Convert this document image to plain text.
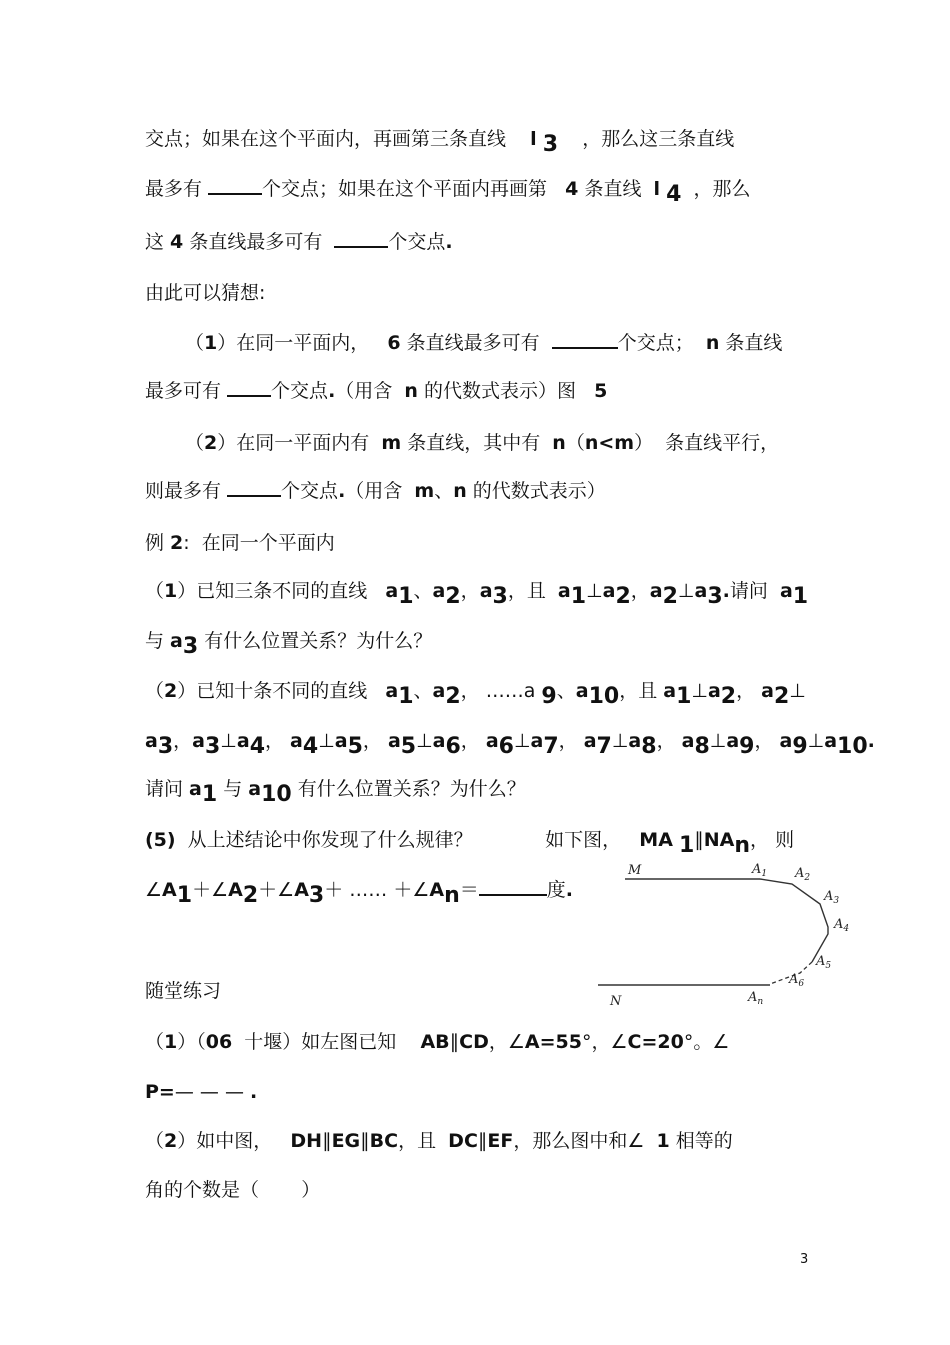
交点；如果在这个平面内，再画第三条直线    l 3    ，那么这三条直线
最多有	个交点；如果在这个平面内再画第   4 条直线  l 4  ，那么
这 4 条直线最多可有	个交点.
由此可以猜想:
（1）在同一平面内，   6 条直线最多可有	个交点；  n 条直线
最多可有 个交点.（用含  n 的代数式表示）图   5
（2）在同一平面内有  m 条直线，其中有  n（n<m）  条直线平行，
则最多有	个交点.（用含  m、n 的代数式表示）
例 2:  在同一个平面内
（1）已知三条不同的直线   a1、a2，a3，且  a1⊥a2，a2⊥a3.请问  a1
与 a3 有什么位置关系？为什么？
（2）已知十条不同的直线   a1、a2， ……a 9、a10，且 a1⊥a2， a2⊥
a3，a3⊥a4， a4⊥a5， a5⊥a6， a6⊥a7， a7⊥a8， a8⊥a9， a9⊥a10.
请问 a1 与 a10 有什么位置关系？为什么？
(5)  从上述结论中你发现了什么规律？            如下图，   MA 1∥NAn， 则
∠A1＋∠A2＋∠A3＋ …… ＋∠An＝	度.
随堂练习
（1）（06  十堰）如左图已知    AB∥CD，∠A=55°，∠C=20°。∠
P=— — — .
（2）如中图，   DH∥EG∥BC，且  DC∥EF，那么图中和∠  1 相等的
角的个数是（       ）
M	$A_1$ $A_2$
$A_3$
$A_4$
$A_5$
$A_6$
N	$A_n$
3
